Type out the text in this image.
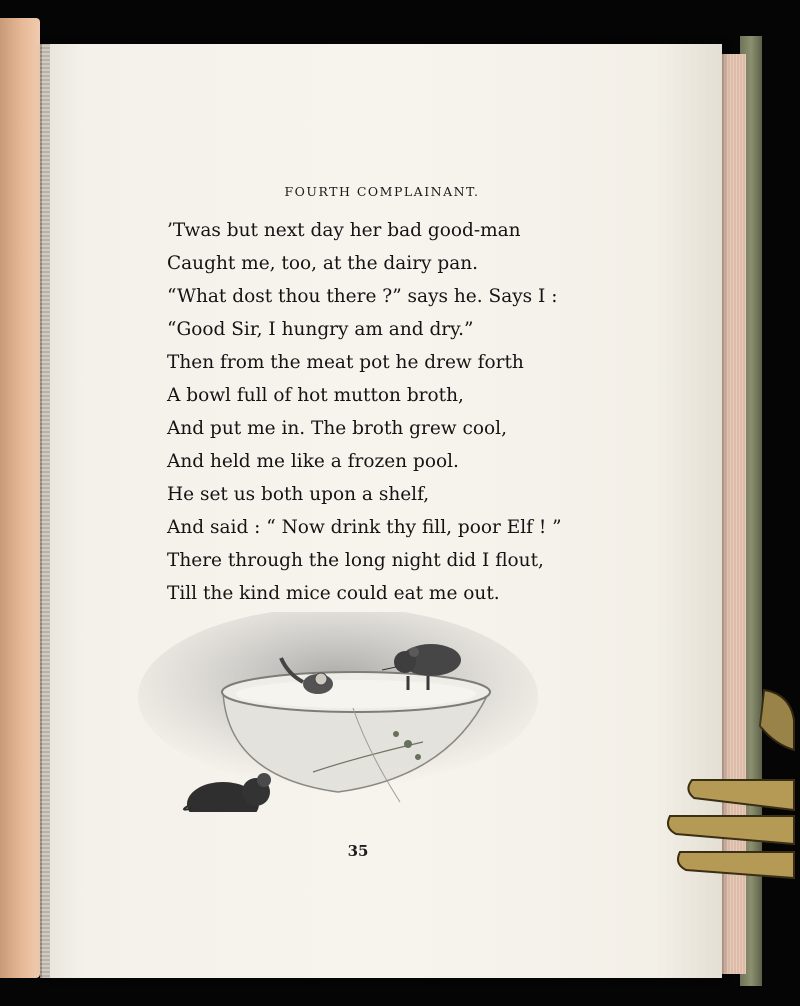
FOURTH COMPLAINANT.
’Twas but next day her bad good-man
Caught me, too, at the dairy pan.
“What dost thou there ?” says he. Says I :
“Good Sir, I hungry am and dry.”
Then from the meat pot he drew forth
A bowl full of hot mutton broth,
And put me in. The broth grew cool,
And held me like a frozen pool.
He set us both upon a shelf,
And said : “ Now drink thy fill, poor Elf ! ”
There through the long night did I flout,
Till the kind mice could eat me out.
35
